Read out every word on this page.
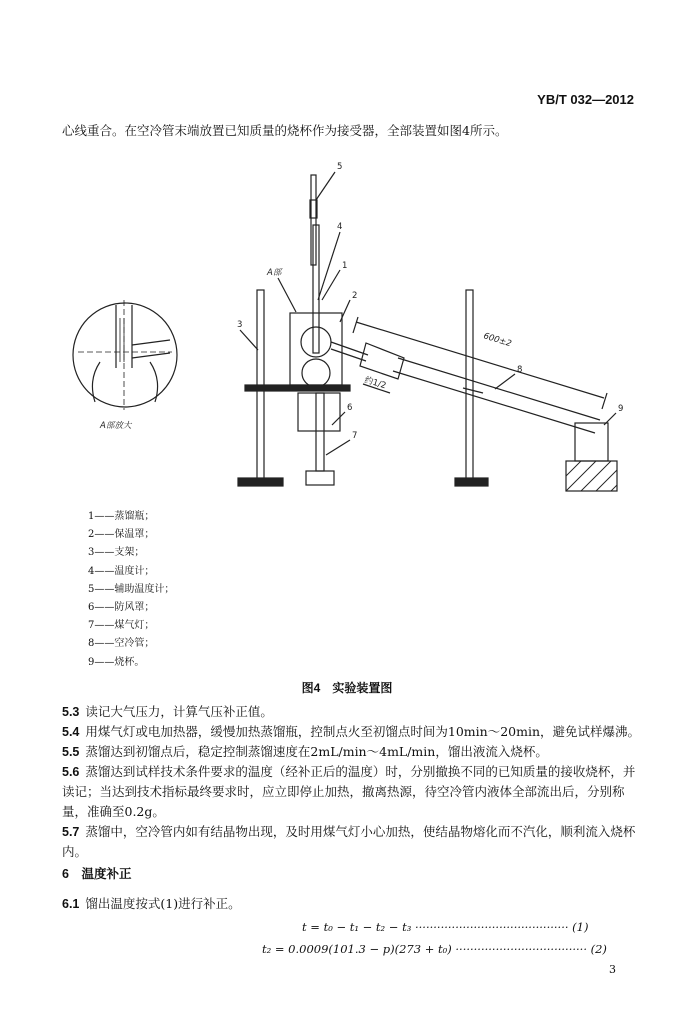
YB/T 032—2012
心线重合。在空冷管末端放置已知质量的烧杯作为接受器，全部装置如图4所示。
5
4
1
2
3
6
7
8
9
A部
A部放大
600±2
约1/2
1——蒸馏瓶；
2——保温罩；
3——支架；
4——温度计；
5——辅助温度计；
6——防风罩；
7——煤气灯；
8——空冷管；
9——烧杯。
图4　实验装置图
5.3 读记大气压力，计算气压补正值。
5.4 用煤气灯或电加热器，缓慢加热蒸馏瓶，控制点火至初馏点时间为10min～20min，避免试样爆沸。
5.5 蒸馏达到初馏点后，稳定控制蒸馏速度在2mL/min～4mL/min，馏出液流入烧杯。
5.6 蒸馏达到试样技术条件要求的温度（经补正后的温度）时，分别撤换不同的已知质量的接收烧杯，并读记；当达到技术指标最终要求时，应立即停止加热，撤离热源，待空冷管内液体全部流出后，分别称量，准确至0.2g。
5.7 蒸馏中，空冷管内如有结晶物出现，及时用煤气灯小心加热，使结晶物熔化而不汽化，顺利流入烧杯内。
6　温度补正
6.1 馏出温度按式(1)进行补正。
t = t₀ − t₁ − t₂ − t₃ ·········································· (1)
t₂ = 0.0009(101.3 − p)(273 + t₀) ···································· (2)
3
